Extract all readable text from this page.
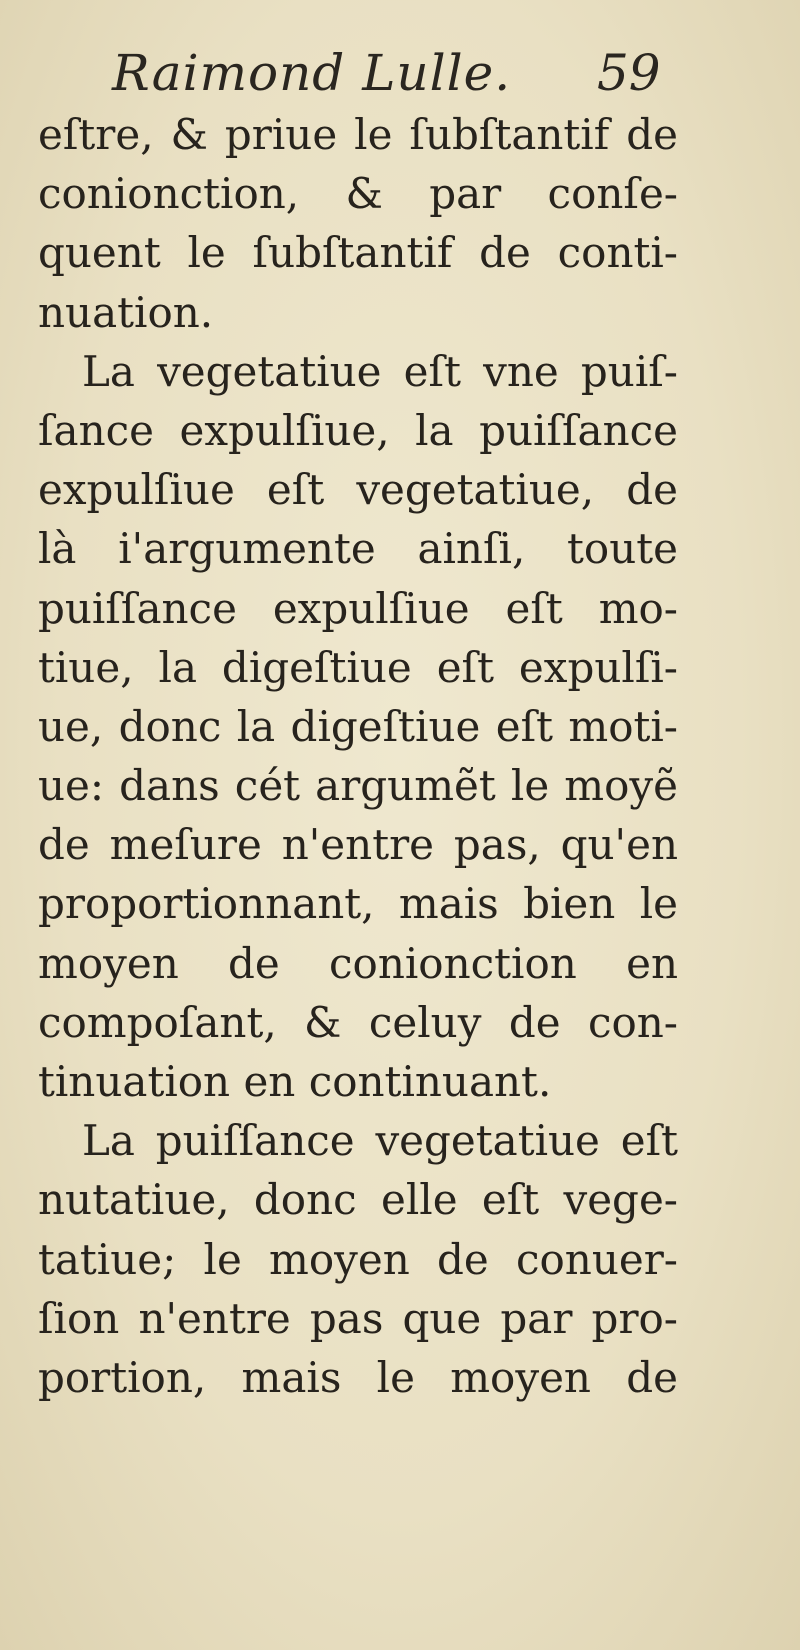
Raimond Lulle. 59
eſtre, & priue le ſubſtantif de
conionction, & par conſe-
quent le ſubſtantif de conti-
nuation.
La vegetatiue eſt vne puiſ-
ſance expulſiue, la puiſſance
expulſiue eſt vegetatiue, de
là i'argumente ainſi, toute
puiſſance expulſiue eſt mo-
tiue, la digeſtiue eſt expulſi-
ue, donc la digeſtiue eſt moti-
ue: dans cét argumẽt le moyẽ
de meſure n'entre pas, qu'en
proportionnant, mais bien le
moyen de conionction en
compoſant, & celuy de con-
tinuation en continuant.
La puiſſance vegetatiue eſt
nutatiue, donc elle eſt vege-
tatiue; le moyen de conuer-
ſion n'entre pas que par pro-
portion, mais le moyen de
